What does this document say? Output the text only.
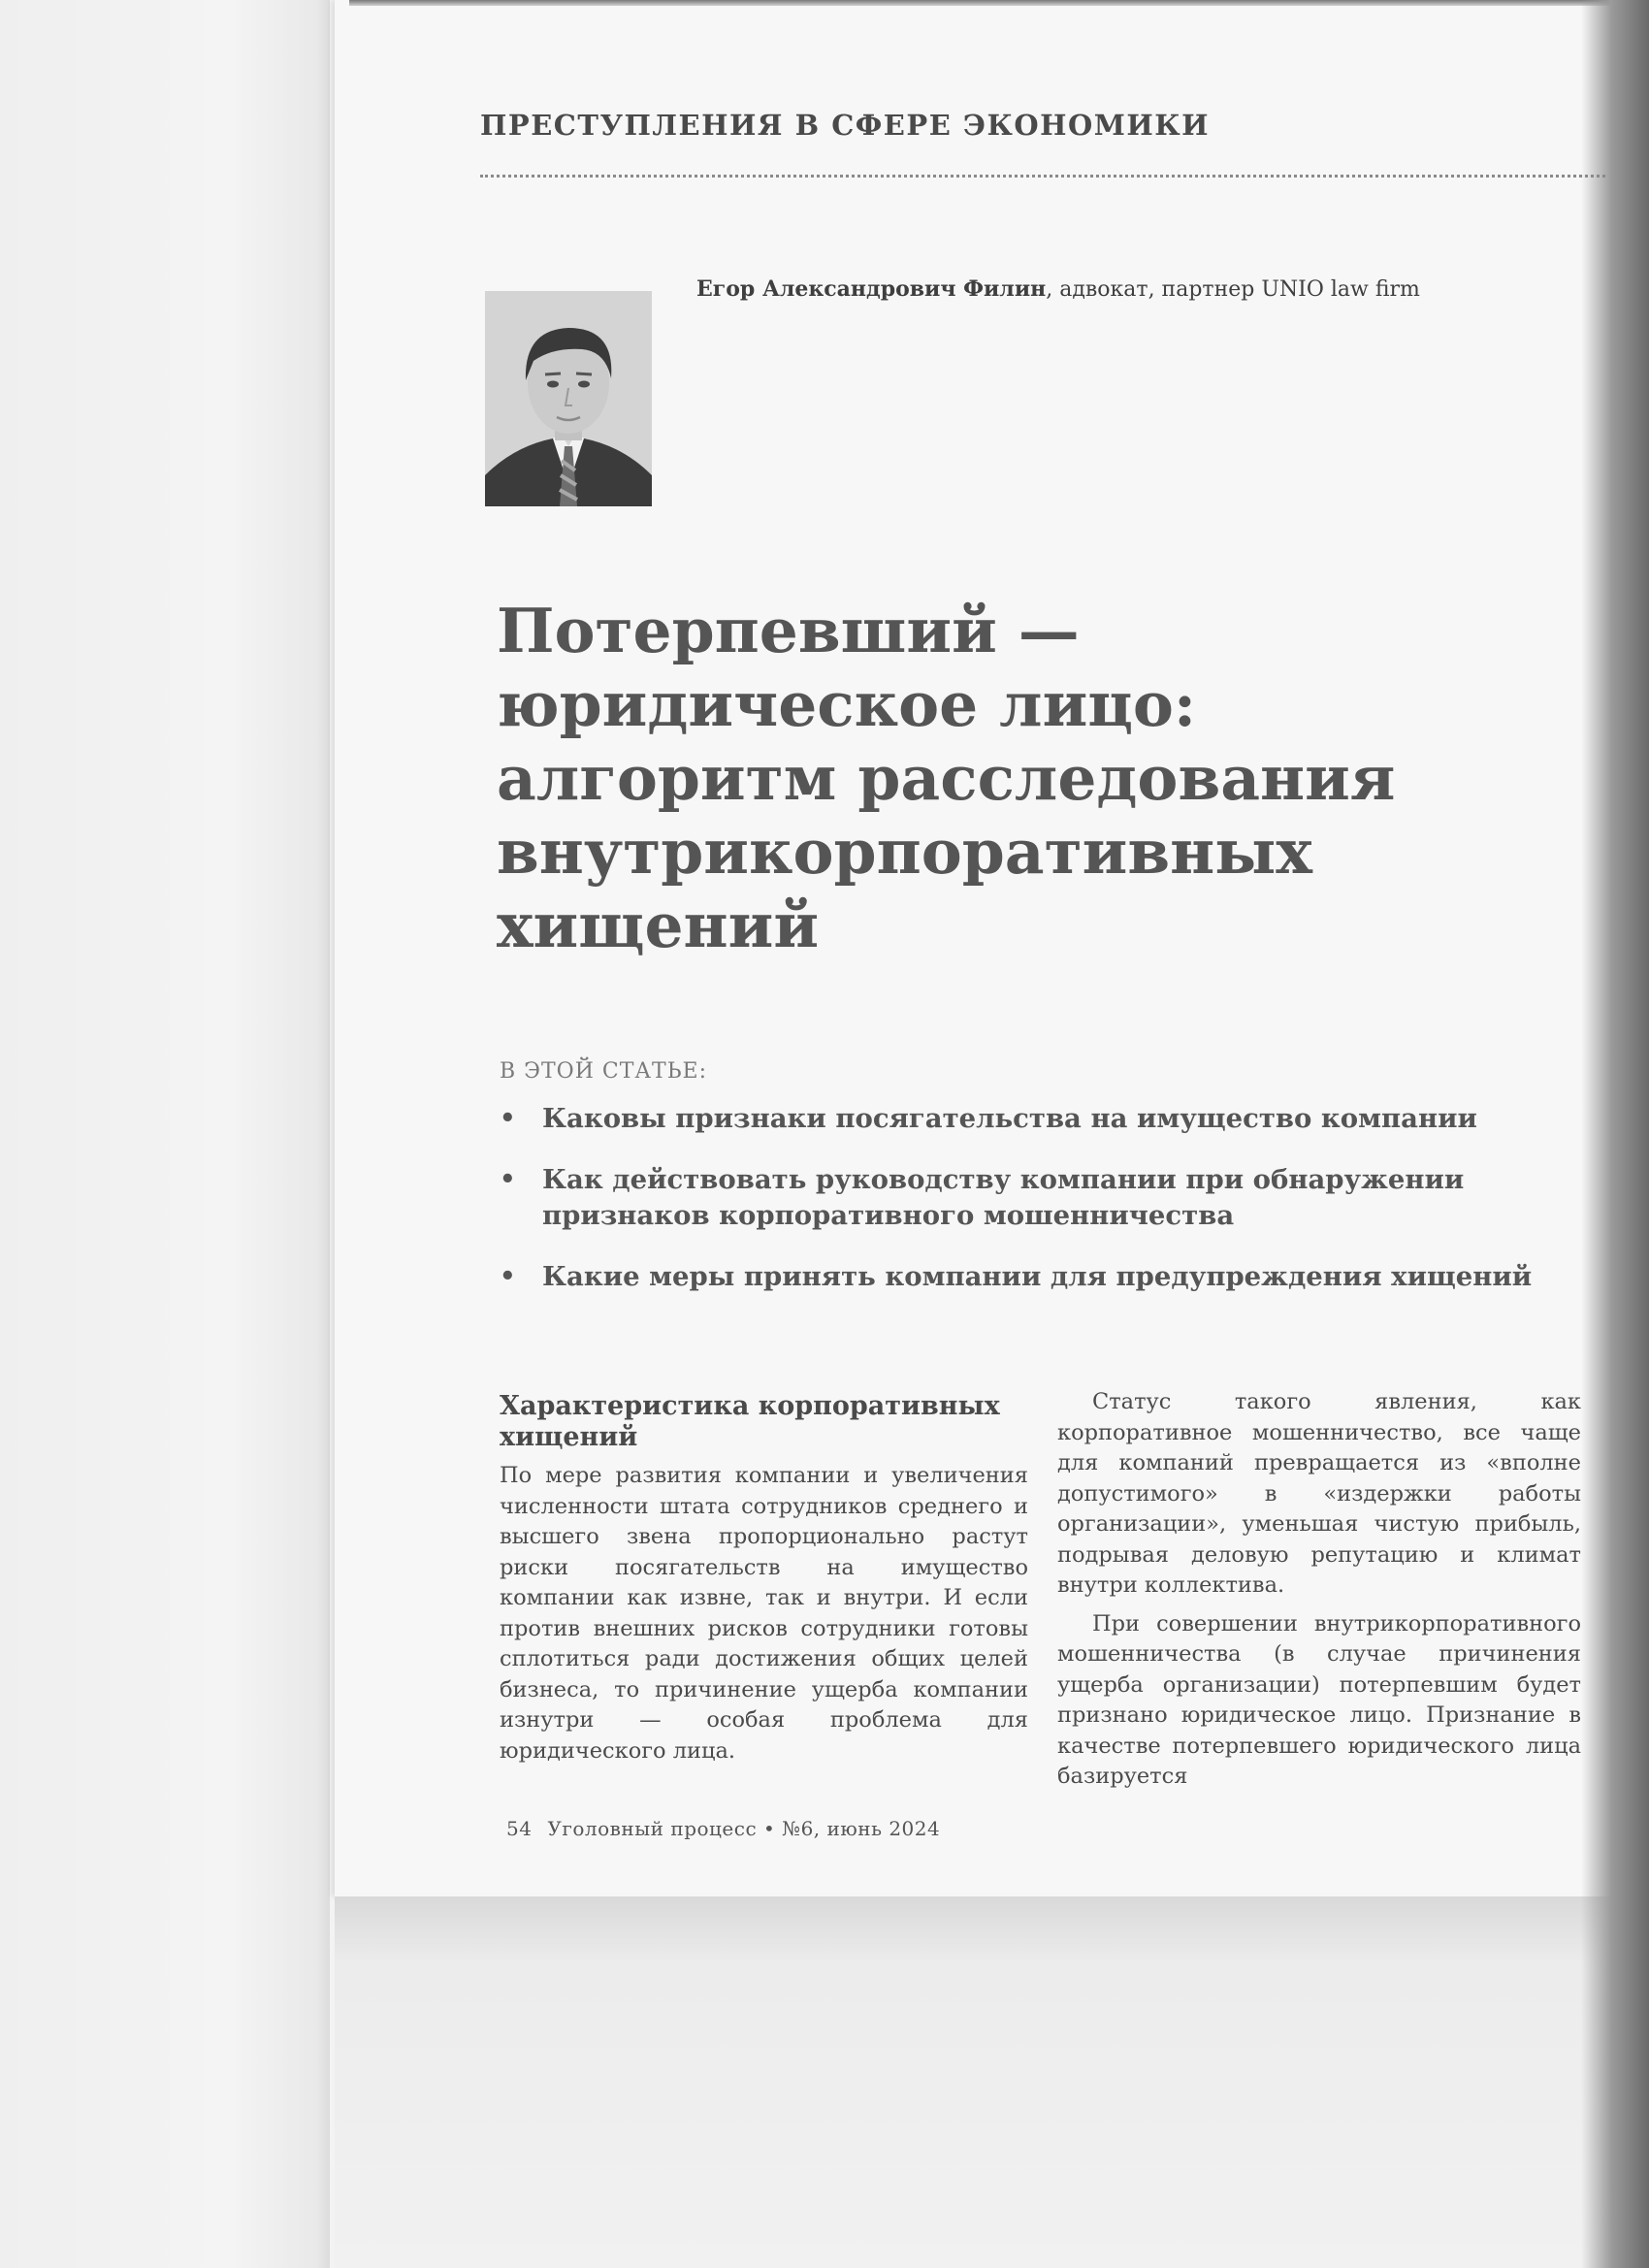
ПРЕСТУПЛЕНИЯ В СФЕРЕ ЭКОНОМИКИ
Егор Александрович Филин, адвокат, партнер UNIO law firm
Потерпевший —
юридическое лицо:
алгоритм расследования
внутрикорпоративных
хищений
В ЭТОЙ СТАТЬЕ:
• Каковы признаки посягательства на имущество компании
• Как действовать руководству компании при обнаружении признаков корпоративного мошенничества
• Какие меры принять компании для предупреждения хищений
Характеристика корпоративных хищений

По мере развития компании и увеличения численности штата сотрудников среднего и высшего звена пропорционально растут риски посягательств на имущество компании как извне, так и внутри. И если против внешних рисков сотрудники готовы сплотиться ради достижения общих целей бизнеса, то причинение ущерба компании изнутри — особая проблема для юридического лица.

Статус такого явления, как корпоративное мошенничество, все чаще для компаний превращается из «вполне допустимого» в «издержки работы организации», уменьшая чистую прибыль, подрывая деловую репутацию и климат внутри коллектива.

При совершении внутрикорпоративного мошенничества (в случае причинения ущерба организации) потерпевшим будет признано юридическое лицо. Признание в качестве потерпевшего юридического лица базируется

54 Уголовный процесс • №6, июнь 2024
